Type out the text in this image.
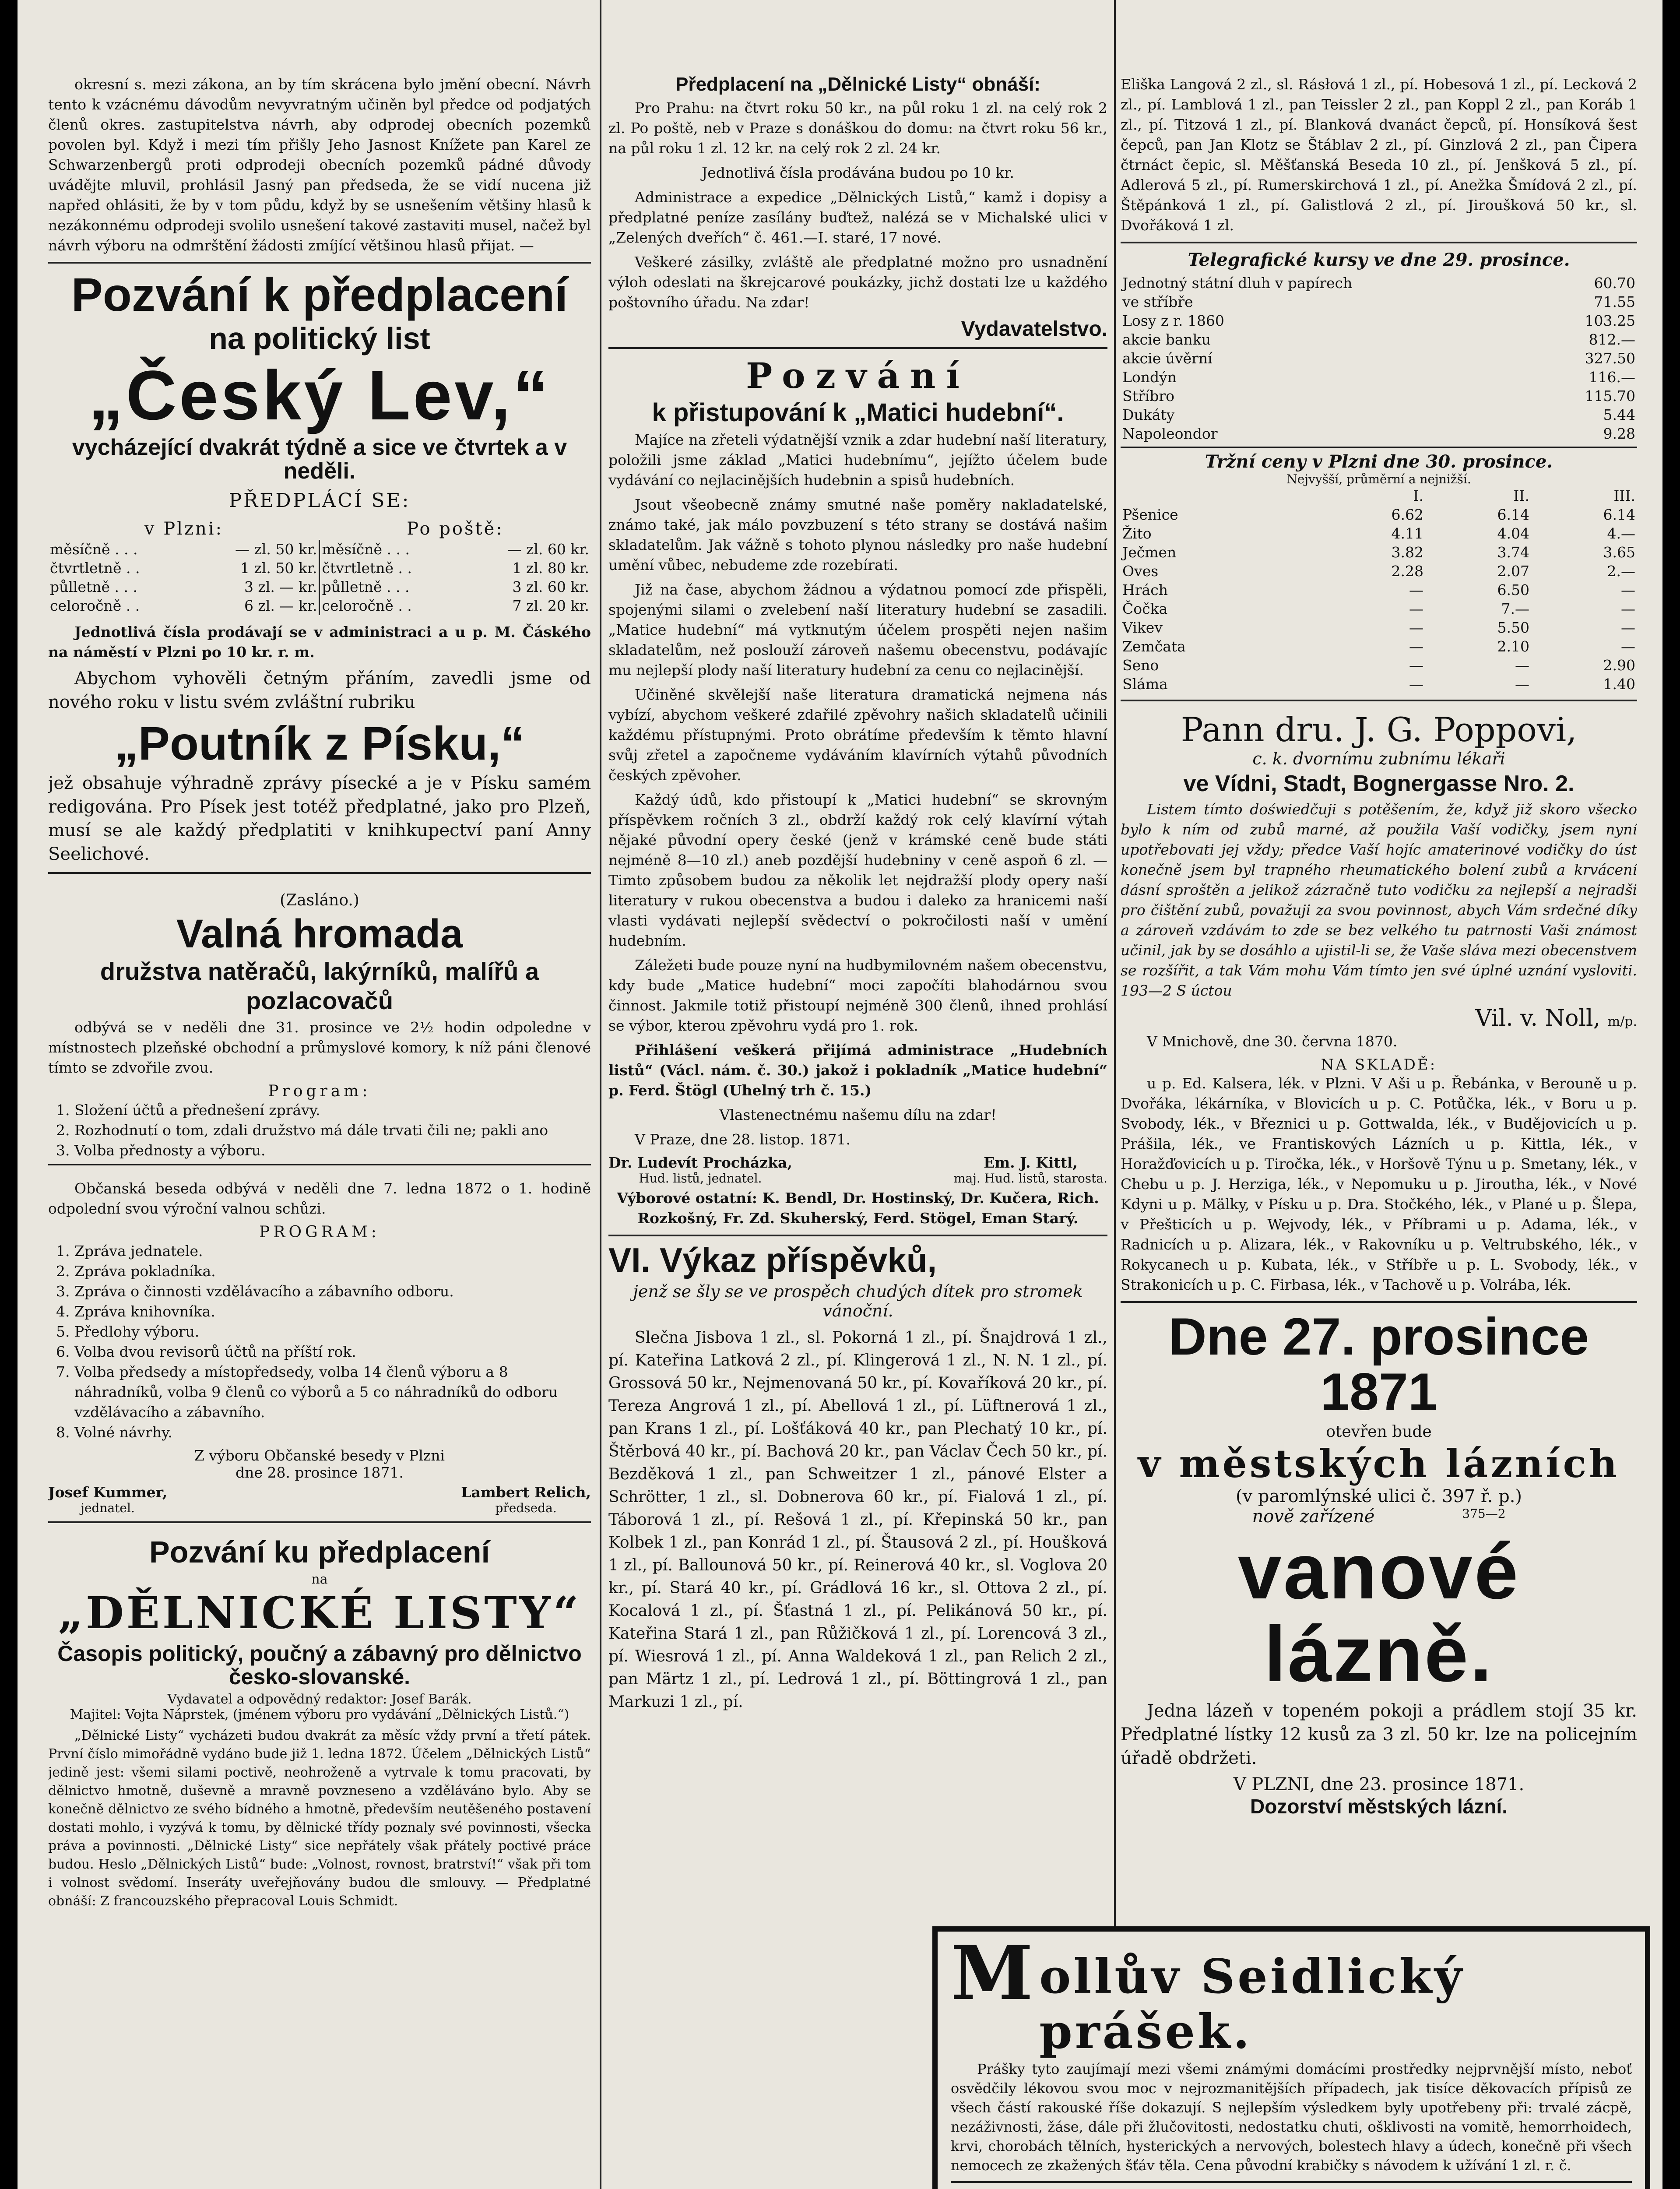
okresní s. mezi zákona, an by tím skrácena bylo jmění obecní. Návrh tento k vzácnému dávodům nevyvratným učiněn byl předce od podjatých členů okres. zastupitelstva návrh, aby odprodej obecních pozemků povolen byl. Když i mezi tím přišly Jeho Jasnost Knížete pan Karel ze Schwarzenbergů proti odprodeji obecních pozemků pádné důvody uvádějte mluvil, prohlásil Jasný pan předseda, že se vidí nucena již napřed ohlásiti, že by v tom půdu, když by se usnešením většiny hlasů k nezákonnému odprodeji svolilo usnešení takové zastaviti musel, načež byl návrh výboru na odmrštění žádosti zmíjící většinou hlasů přijat. —

Pozvání k předplacení
na politický list
„Český Lev,“
vycházející dvakrát týdně a sice ve čtvrtek a v neděli.
PŘEDPLÁCÍ SE:
v Plzni:		Po poště:	
měsíčně . . .	— zl. 50 kr.	měsíčně . . .	— zl. 60 kr.
čtvrtletně . .	1 zl. 50 kr.	čtvrtletně . .	1 zl. 80 kr.
půlletně . . .	3 zl. — kr.	půlletně . . .	3 zl. 60 kr.
celoročně . .	6 zl. — kr.	celoročně . .	7 zl. 20 kr.

Jednotlivá čísla prodávají se v administraci a u p. M. Čáského na náměstí v Plzni po 10 kr. r. m.

Abychom vyhověli četným přáním, zavedli jsme od nového roku v listu svém zvláštní rubriku

„Poutník z Písku,“

jež obsahuje výhradně zprávy písecké a je v Písku samém redigována. Pro Písek jest totéž předplatné, jako pro Plzeň, musí se ale každý předplatiti v knihkupectví paní Anny Seelichové.

(Zasláno.)
Valná hromada
družstva natěračů, lakýrníků, malířů a
pozlacovačů

odbývá se v neděli dne 31. prosince ve 2½ hodin odpoledne v místnostech plzeňské obchodní a průmyslové komory, k níž páni členové tímto se zdvořile zvou.

Program:
1. Složení účtů a přednešení zprávy.
2. Rozhodnutí o tom, zdali družstvo má dále trvati čili ne; pakli ano
3. Volba přednosty a výboru.

Občanská beseda odbývá v neděli dne 7. ledna 1872 o 1. hodině odpolední svou výroční valnou schůzi.

PROGRAM:
1. Zpráva jednatele.
2. Zpráva pokladníka.
3. Zpráva o činnosti vzdělávacího a zábavního odboru.
4. Zpráva knihovníka.
5. Předlohy výboru.
6. Volba dvou revisorů účtů na příští rok.
7. Volba předsedy a místopředsedy, volba 14 členů výboru a 8 náhradníků, volba 9 členů co výborů a 5 co náhradníků do odboru vzdělávacího a zábavního.
8. Volné návrhy.
Z výboru Občanské besedy v Plzni
dne 28. prosince 1871.
Josef Kummer,
jednatel.
Lambert Relich,
předseda.
Pozvání ku předplacení
na
„DĚLNICKÉ LISTY“
Časopis politický, poučný a zábavný pro dělnictvo česko-slovanské.
Vydavatel a odpovědný redaktor: Josef Barák.
Majitel: Vojta Náprstek, (jménem výboru pro vydávání „Dělnických Listů.“)

„Dělnické Listy“ vycházeti budou dvakrát za měsíc vždy první a třetí pátek. První číslo mimořádně vydáno bude již 1. ledna 1872. Účelem „Dělnických Listů“ jedině jest: všemi silami poctivě, neohroženě a vytrvale k tomu pracovati, by dělnictvo hmotně, duševně a mravně povzneseno a vzděláváno bylo. Aby se konečně dělnictvo ze svého bídného a hmotně, především neutěšeného postavení dostati mohlo, i vyzývá k tomu, by dělnické třídy poznaly své povinnosti, všecka práva a povinnosti. „Dělnické Listy“ sice nepřátely však přátely poctivé práce budou. Heslo „Dělnických Listů“ bude: „Volnost, rovnost, bratrství!“ však při tom i volnost svědomí. Inseráty uveřejňovány budou dle smlouvy. — Předplatné obnáší: Z francouzského přepracoval Louis Schmidt.

Předplacení na „Dělnické Listy“ obnáší:

Pro Prahu: na čtvrt roku 50 kr., na půl roku 1 zl. na celý rok 2 zl. Po poště, neb v Praze s donáškou do domu: na čtvrt roku 56 kr., na půl roku 1 zl. 12 kr. na celý rok 2 zl. 24 kr.

Jednotlivá čísla prodávána budou po 10 kr.

Administrace a expedice „Dělnických Listů,“ kamž i dopisy a předplatné peníze zasílány buďtež, nalézá se v Michalské ulici v „Zelených dveřích“ č. 461.—I. staré, 17 nové.

Veškeré zásilky, zvláště ale předplatné možno pro usnadnění výloh odeslati na škrejcarové poukázky, jichž dostati lze u každého poštovního úřadu. Na zdar!

Vydavatelstvo.
Pozvání
k přistupování k „Matici hudební“.

Majíce na zřeteli výdatnější vznik a zdar hudební naší literatury, položili jsme základ „Matici hudebnímu“, jejížto účelem bude vydávání co nejlacinějších hudebnin a spisů hudebních.

Jsout všeobecně známy smutné naše poměry nakladatelské, známo také, jak málo povzbuzení s této strany se dostává našim skladatelům. Jak vážně s tohoto plynou následky pro naše hudební umění vůbec, nebudeme zde rozebírati.

Již na čase, abychom žádnou a výdatnou pomocí zde přispěli, spojenými silami o zvelebení naší literatury hudební se zasadili. „Matice hudební“ má vytknutým účelem prospěti nejen našim skladatelům, než poslouží zároveň našemu obecenstvu, podávajíc mu nejlepší plody naší literatury hudební za cenu co nejlacinější.

Učiněné skvělejší naše literatura dramatická nejmena nás vybízí, abychom veškeré zdařilé zpěvohry našich skladatelů učinili každému přístupnými. Proto obrátíme především k těmto hlavní svůj zřetel a započneme vydáváním klavírních výtahů původních českých zpěvoher.

Každý údů, kdo přistoupí k „Matici hudební“ se skrovným příspěvkem ročních 3 zl., obdrží každý rok celý klavírní výtah nějaké původní opery české (jenž v krámské ceně bude státi nejméně 8—10 zl.) aneb pozdější hudebniny v ceně aspoň 6 zl. — Timto způsobem budou za několik let nejdražší plody opery naší literatury v rukou obecenstva a budou i daleko za hranicemi naší vlasti vydávati nejlepší svědectví o pokročilosti naší v umění hudebním.

Záležeti bude pouze nyní na hudbymilovném našem obecenstvu, kdy bude „Matice hudební“ moci započíti blahodárnou svou činnost. Jakmile totiž přistoupí nejméně 300 členů, ihned prohlásí se výbor, kterou zpěvohru vydá pro 1. rok.

Přihlášení veškerá přijímá administrace „Hudebních listů“ (Václ. nám. č. 30.) jakož i pokladník „Matice hudební“ p. Ferd. Štögl (Uhelný trh č. 15.)

Vlastenectnému našemu dílu na zdar!

V Praze, dne 28. listop. 1871.

Dr. Ludevít Procházka,
Hud. listů, jednatel.
Em. J. Kittl,
maj. Hud. listů, starosta.

Výborové ostatní: K. Bendl, Dr. Hostinský, Dr. Kučera, Rich. Rozkošný, Fr. Zd. Skuherský, Ferd. Stögel, Eman Starý.

VI. Výkaz příspěvků,
jenž se šly se ve prospěch chudých dítek pro stromek vánoční.

Slečna Jisbova 1 zl., sl. Pokorná 1 zl., pí. Šnajdrová 1 zl., pí. Kateřina Latková 2 zl., pí. Klingerová 1 zl., N. N. 1 zl., pí. Grossová 50 kr., Nejmenovaná 50 kr., pí. Kovaříková 20 kr., pí. Tereza Angrová 1 zl., pí. Abellová 1 zl., pí. Lüftnerová 1 zl., pan Krans 1 zl., pí. Lošťáková 40 kr., pan Plechatý 10 kr., pí. Štěrbová 40 kr., pí. Bachová 20 kr., pan Václav Čech 50 kr., pí. Bezděková 1 zl., pan Schweitzer 1 zl., pánové Elster a Schrötter, 1 zl., sl. Dobnerova 60 kr., pí. Fialová 1 zl., pí. Táborová 1 zl., pí. Rešová 1 zl., pí. Křepinská 50 kr., pan Kolbek 1 zl., pan Konrád 1 zl., pí. Štausová 2 zl., pí. Houšková 1 zl., pí. Ballounová 50 kr., pí. Reinerová 40 kr., sl. Voglova 20 kr., pí. Stará 40 kr., pí. Grádlová 16 kr., sl. Ottova 2 zl., pí. Kocalová 1 zl., pí. Šťastná 1 zl., pí. Pelikánová 50 kr., pí. Kateřina Stará 1 zl., pan Růžičková 1 zl., pí. Lorencová 3 zl., pí. Wiesrová 1 zl., pí. Anna Waldeková 1 zl., pan Relich 2 zl., pan Märtz 1 zl., pí. Ledrová 1 zl., pí. Böttingrová 1 zl., pan Markuzi 1 zl., pí.

Eliška Langová 2 zl., sl. Rásłová 1 zl., pí. Hobesová 1 zl., pí. Lecková 2 zl., pí. Lamblová 1 zl., pan Teissler 2 zl., pan Koppl 2 zl., pan Koráb 1 zl., pí. Titzová 1 zl., pí. Blanková dvanáct čepců, pí. Honsíková šest čepců, pan Jan Klotz se Štáblav 2 zl., pí. Ginzlová 2 zl., pan Čipera čtrnáct čepic, sl. Měšťanská Beseda 10 zl., pí. Jenšková 5 zl., pí. Adlerová 5 zl., pí. Rumerskirchová 1 zl., pí. Anežka Šmídová 2 zl., pí. Štěpánková 1 zl., pí. Galistlová 2 zl., pí. Jiroušková 50 kr., sl. Dvořáková 1 zl.

Telegrafické kursy ve dne 29. prosince.
Jednotný státní dluh v papírech	60.70
ve stříbře	71.55
Losy z r. 1860	103.25
akcie banku	812.—
akcie úvěrní	327.50
Londýn	116.—
Stříbro	115.70
Dukáty	5.44
Napoleondor	9.28
Tržní ceny v Plzni dne 30. prosince.
Nejvyšší, průměrní a nejnižší.
	I.	II.	III.
Pšenice	6.62	6.14	6.14
Žito	4.11	4.04	4.—
Ječmen	3.82	3.74	3.65
Oves	2.28	2.07	2.—
Hrách	—	6.50	—
Čočka	—	7.—	—
Vikev	—	5.50	—
Zemčata	—	2.10	—
Seno	—	—	2.90
Sláma	—	—	1.40
Pann dru. J. G. Poppovi,
c. k. dvornímu zubnímu lékaři
ve Vídni, Stadt, Bognergasse Nro. 2.

Listem tímto doświedčuji s potěšením, že, když již skoro všecko bylo k ním od zubů marné, až použila Vaší vodičky, jsem nyní upotřebovati jej vždy; předce Vaší hojíc amaterinové vodičky do úst konečně jsem byl trapného rheumatického bolení zubů a krvácení dásní sproštěn a jelikož zázračně tuto vodičku za nejlepší a nejradši pro čištění zubů, považuji za svou povinnost, abych Vám srdečné díky a zároveň vzdávám to zde se bez velkého tu patrnosti Vaši známost učinil, jak by se dosáhlo a ujistil-li se, že Vaše sláva mezi obecenstvem se rozšířit, a tak Vám mohu Vám tímto jen své úplné uznání vysloviti. 193—2 S úctou

Vil. v. Noll, m/p.

V Mnichově, dne 30. června 1870.

NA SKLADĚ:

u p. Ed. Kalsera, lék. v Plzni. V Aši u p. Řebánka, v Berouně u p. Dvořáka, lékárníka, v Blovicích u p. C. Potůčka, lék., v Boru u p. Svobody, lék., v Březnici u p. Gottwalda, lék., v Budějovicích u p. Prášila, lék., ve Frantiskových Lázních u p. Kittla, lék., v Horažďovicích u p. Tiročka, lék., v Horšově Týnu u p. Smetany, lék., v Chebu u p. J. Herziga, lék., v Nepomuku u p. Jiroutha, lék., v Nové Kdyni u p. Mälky, v Písku u p. Dra. Stočkého, lék., v Plané u p. Šlepa, v Přešticích u p. Wejvody, lék., v Příbrami u p. Adama, lék., v Radnicích u p. Alizara, lék., v Rakovníku u p. Veltrubského, lék., v Rokycanech u p. Kubata, lék., v Stříbře u p. L. Svobody, lék., v Strakonicích u p. C. Firbasa, lék., v Tachově u p. Volrába, lék.

Dne 27. prosince 1871
otevřen bude
v městských lázních
(v paromlýnské ulici č. 397 ř. p.)
nově zařízené	375—2
vanové lázně.

Jedna lázeň v topeném pokoji a prádlem stojí 35 kr. Předplatné lístky 12 kusů za 3 zl. 50 kr. lze na policejním úřadě obdržeti.

V PLZNI, dne 23. prosince 1871.
Dozorství městských lázní.
M ollův Seidlický prášek.

Prášky tyto zaujímají mezi všemi známými domácími prostředky nejprvnější místo, neboť osvědčily lékovou svou moc v nejrozmanitějších případech, jak tisíce děkovacích přípisů ze všech částí rakouské říše dokazují. S nejlepším výsledkem byly upotřebeny při: trvalé zácpě, nezáživnosti, žáse, dále při žlučovitosti, nedostatku chuti, ošklivosti na vomitě, hemorrhoidech, krvi, chorobách tělních, hysterických a nervových, bolestech hlavy a údech, konečně při všech nemocech ze zkažených šťáv těla. Cena původní krabičky s návodem k užívání 1 zl. r. č.
